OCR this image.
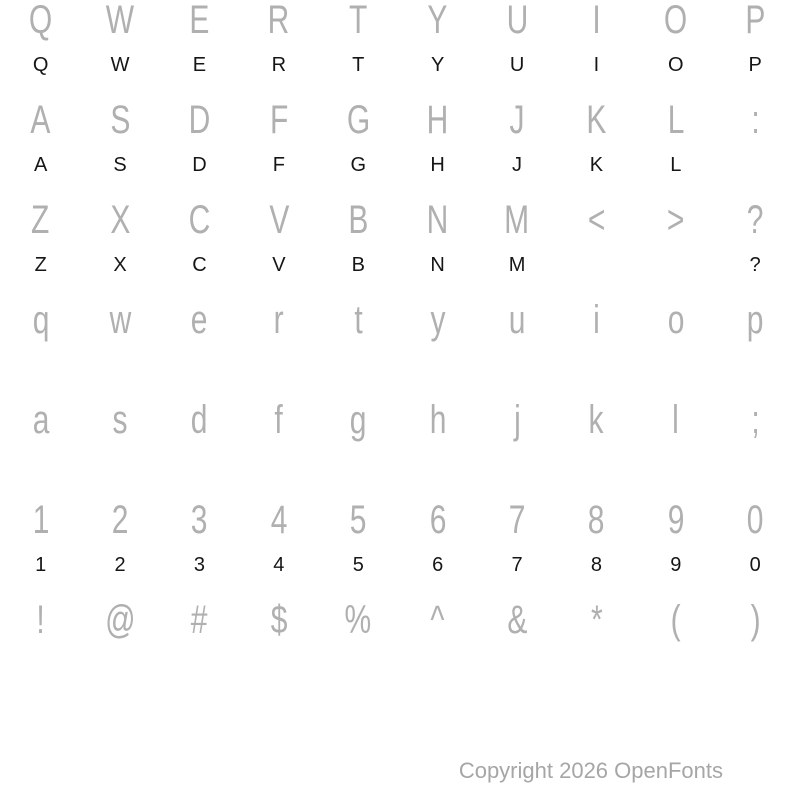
Q
Q
W
W
E
E
R
R
T
T
Y
Y
U
U
I
I
O
O
P
P
A
A
S
S
D
D
F
F
G
G
H
H
J
J
K
K
L
L
:
Z
Z
X
X
C
C
V
V
B
B
N
N
M
M
< > ?
?
q w e r t y u i o p
a s d f g h j k l ;
1
1
2
2
3
3
4
4
5
5
6
6
7
7
8
8
9
9
0
0
! @ # $ % ^ & * ( )
Copyright 2026 OpenFonts
